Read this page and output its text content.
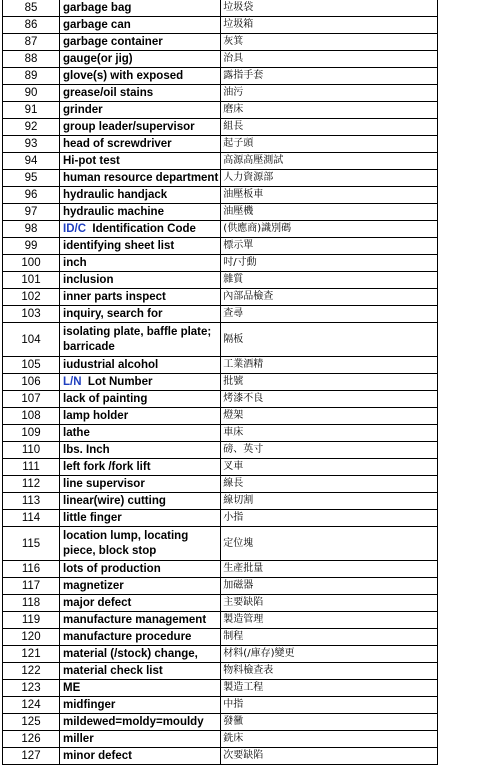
85	garbage bag	垃圾袋
86	garbage can	垃圾箱
87	garbage container	灰箕
88	gauge(or jig)	治具
89	glove(s) with exposed	露指手套
90	grease/oil stains	油污
91	grinder	磨床
92	group leader/supervisor	組長
93	head of screwdriver	起子頭
94	Hi-pot test	高源高壓測試
95	human resource department	人力資源部
96	hydraulic handjack	油壓板車
97	hydraulic machine	油壓機
98	ID/C Identification Code	(供應商)識別碼
99	identifying sheet list	標示單
100	inch	吋/寸動
101	inclusion	雜質
102	inner parts inspect	內部品檢查
103	inquiry, search for	查尋
104	isolating plate, baffle plate; barricade	隔板
105	iudustrial alcohol	工業酒精
106	L/N Lot Number	批號
107	lack of painting	烤漆不良
108	lamp holder	燈架
109	lathe	車床
110	lbs. Inch	磅、英寸
111	left fork /fork lift	叉車
112	line supervisor	線長
113	linear(wire) cutting	線切割
114	little finger	小指
115	location lump, locating piece, block stop	定位塊
116	lots of production	生產批量
117	magnetizer	加磁器
118	major defect	主要缺陷
119	manufacture management	製造管理
120	manufacture procedure	制程
121	material (/stock) change,	材料(/庫存)變更
122	material check list	物料檢查表
123	ME	製造工程
124	midfinger	中指
125	mildewed=moldy=mouldy	發黴
126	miller	銑床
127	minor defect	次要缺陷
